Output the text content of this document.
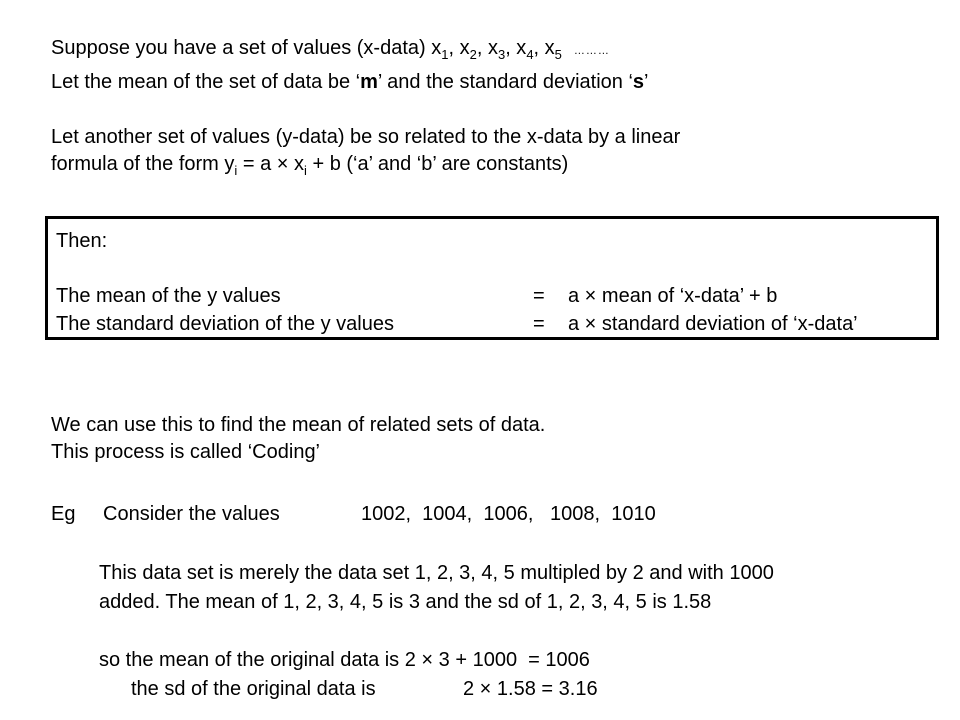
Suppose you have a set of values (x-data) $x_1$, $x_2$, $x_3$, $x_4$, $x_5$ ………
Let the mean of the set of data be ‘m’ and the standard deviation ‘s’
Let another set of values (y-data) be so related to the x-data by a linear
formula of the form $y_i = a \times x_i + b$ (‘a’ and ‘b’ are constants)
Then:
The mean of the y values	= a × mean of ‘x-data’ + b
The standard deviation of the y values	= a × standard deviation of ‘x-data’
We can use this to find the mean of related sets of data.
This process is called ‘Coding’
Eg Consider the values	1002,  1004,  1006,   1008,  1010
This data set is merely the data set 1, 2, 3, 4, 5 multipled by 2 and with 1000
added. The mean of 1, 2, 3, 4, 5 is 3 and the sd of 1, 2, 3, 4, 5 is 1.58
so the mean of the original data is 2 × 3 + 1000  = 1006
the sd of the original data is	2 × 1.58 = 3.16
